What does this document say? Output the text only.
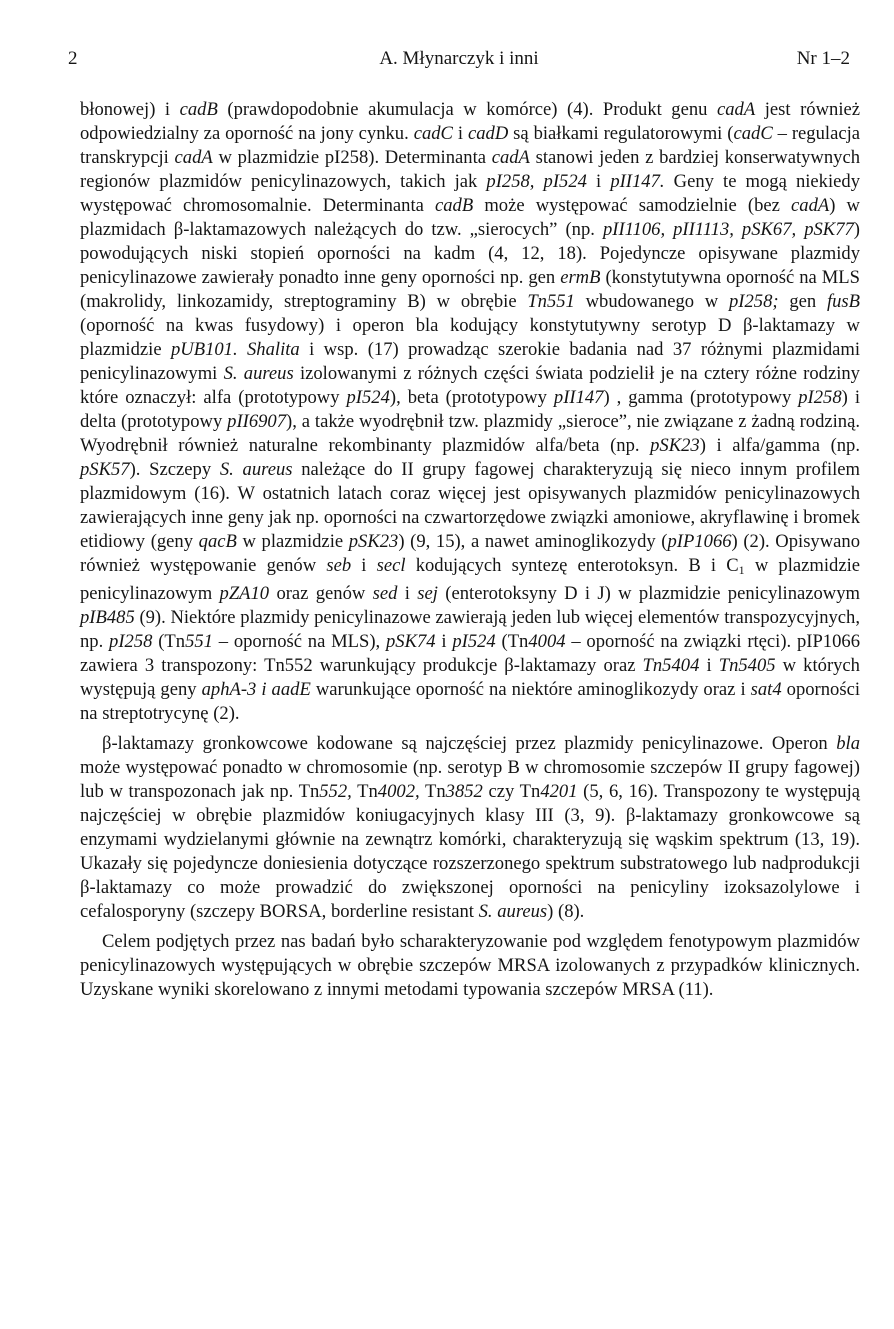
2	A. Młynarczyk i inni	Nr 1–2

błonowej) i cadB (prawdopodobnie akumulacja w komórce) (4). Produkt genu cadA jest również odpowiedzialny za oporność na jony cynku. cadC i cadD są białkami regulatorowymi (cadC – regulacja transkrypcji cadA w plazmidzie pI258). Determinanta cadA stanowi jeden z bardziej konserwatywnych regionów plazmidów penicylinazowych, takich jak pI258, pI524 i pII147. Geny te mogą niekiedy występować chromosomalnie. Determinanta cadB może występować samodzielnie (bez cadA) w plazmidach β-laktamazowych należących do tzw. „sierocych” (np. pII1106, pII1113, pSK67, pSK77) powodujących niski stopień oporności na kadm (4, 12, 18). Pojedyncze opisywane plazmidy penicylinazowe zawierały ponadto inne geny oporności np. gen ermB (konstytutywna oporność na MLS (makrolidy, linkozamidy, streptograminy B) w obrębie Tn551 wbudowanego w pI258; gen fusB (oporność na kwas fusydowy) i operon bla kodujący konstytutywny serotyp D β-laktamazy w plazmidzie pUB101. Shalita i wsp. (17) prowadząc szerokie badania nad 37 różnymi plazmidami penicylinazowymi S. aureus izolowanymi z różnych części świata podzielił je na cztery różne rodziny które oznaczył: alfa (prototypowy pI524), beta (prototypowy pII147) , gamma (prototypowy pI258) i delta (prototypowy pII6907), a także wyodrębnił tzw. plazmidy „sieroce”, nie związane z żadną rodziną. Wyodrębnił również naturalne rekombinanty plazmidów alfa/beta (np. pSK23) i alfa/gamma (np. pSK57). Szczepy S. aureus należące do II grupy fagowej charakteryzują się nieco innym profilem plazmidowym (16). W ostatnich latach coraz więcej jest opisywanych plazmidów penicylinazowych zawierających inne geny jak np. oporności na czwartorzędowe związki amoniowe, akryflawinę i bromek etidiowy (geny qacB w plazmidzie pSK23) (9, 15), a nawet aminoglikozydy (pIP1066) (2). Opisywano również występowanie genów seb i secl kodujących syntezę enterotoksyn. B i $C_1$ w plazmidzie penicylinazowym pZA10 oraz genów sed i sej (enterotoksyny D i J) w plazmidzie penicylinazowym pIB485 (9). Niektóre plazmidy penicylinazowe zawierają jeden lub więcej elementów transpozycyjnych, np. pI258 (Tn551 – oporność na MLS), pSK74 i pI524 (Tn4004 – oporność na związki rtęci). pIP1066 zawiera 3 transpozony: Tn552 warunkujący produkcje β-laktamazy oraz Tn5404 i Tn5405 w których występują geny aphA-3 i aadE warunkujące oporność na niektóre aminoglikozydy oraz i sat4 oporności na streptotrycynę (2).

β-laktamazy gronkowcowe kodowane są najczęściej przez plazmidy penicylinazowe. Operon bla może występować ponadto w chromosomie (np. serotyp B w chromosomie szczepów II grupy fagowej) lub w transpozonach jak np. Tn552, Tn4002, Tn3852 czy Tn4201 (5, 6, 16). Transpozony te występują najczęściej w obrębie plazmidów koniugacyjnych klasy III (3, 9). β-laktamazy gronkowcowe są enzymami wydzielanymi głównie na zewnątrz komórki, charakteryzują się wąskim spektrum (13, 19). Ukazały się pojedyncze doniesienia dotyczące rozszerzonego spektrum substratowego lub nadprodukcji β-laktamazy co może prowadzić do zwiększonej oporności na penicyliny izoksazolylowe i cefalosporyny (szczepy BORSA, borderline resistant S. aureus) (8).

Celem podjętych przez nas badań było scharakteryzowanie pod względem fenotypowym plazmidów penicylinazowych występujących w obrębie szczepów MRSA izolowanych z przypadków klinicznych. Uzyskane wyniki skorelowano z innymi metodami typowania szczepów MRSA (11).
